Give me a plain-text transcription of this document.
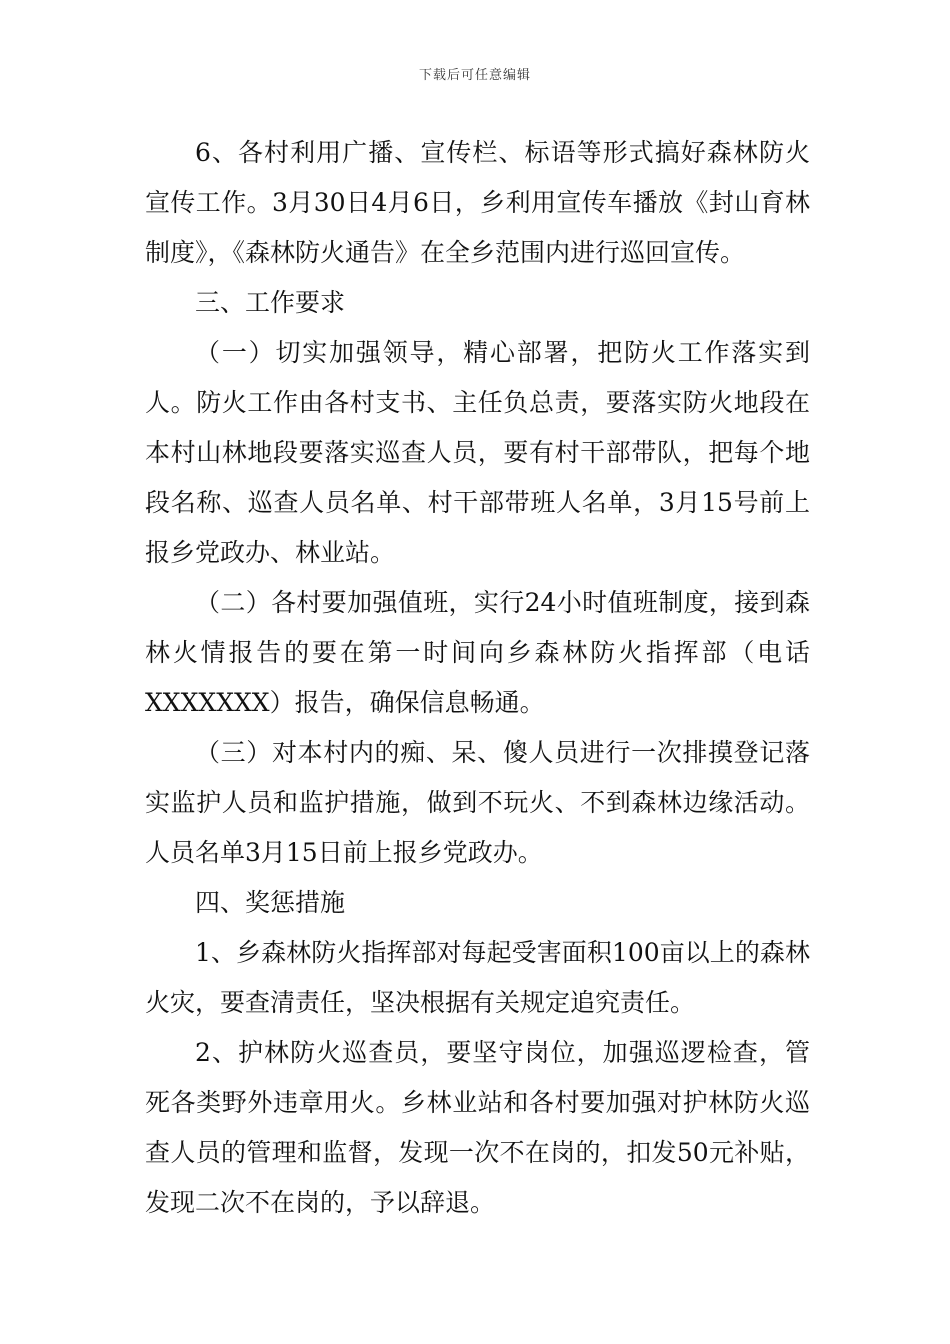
下载后可任意编辑

6、各村利用广播、宣传栏、标语等形式搞好森林防火宣传工作。3月30日4月6日，乡利用宣传车播放《封山育林制度》，《森林防火通告》在全乡范围内进行巡回宣传。

三、工作要求

（一）切实加强领导，精心部署，把防火工作落实到人。防火工作由各村支书、主任负总责，要落实防火地段在本村山林地段要落实巡查人员，要有村干部带队，把每个地段名称、巡查人员名单、村干部带班人名单，3月15号前上报乡党政办、林业站。

（二）各村要加强值班，实行24小时值班制度，接到森林火情报告的要在第一时间向乡森林防火指挥部（电话XXXXXXX）报告，确保信息畅通。

（三）对本村内的痴、呆、傻人员进行一次排摸登记落实监护人员和监护措施，做到不玩火、不到森林边缘活动。人员名单3月15日前上报乡党政办。

四、奖惩措施

1、乡森林防火指挥部对每起受害面积100亩以上的森林火灾，要查清责任，坚决根据有关规定追究责任。

2、护林防火巡查员，要坚守岗位，加强巡逻检查，管死各类野外违章用火。乡林业站和各村要加强对护林防火巡查人员的管理和监督，发现一次不在岗的，扣发50元补贴，发现二次不在岗的，予以辞退。
